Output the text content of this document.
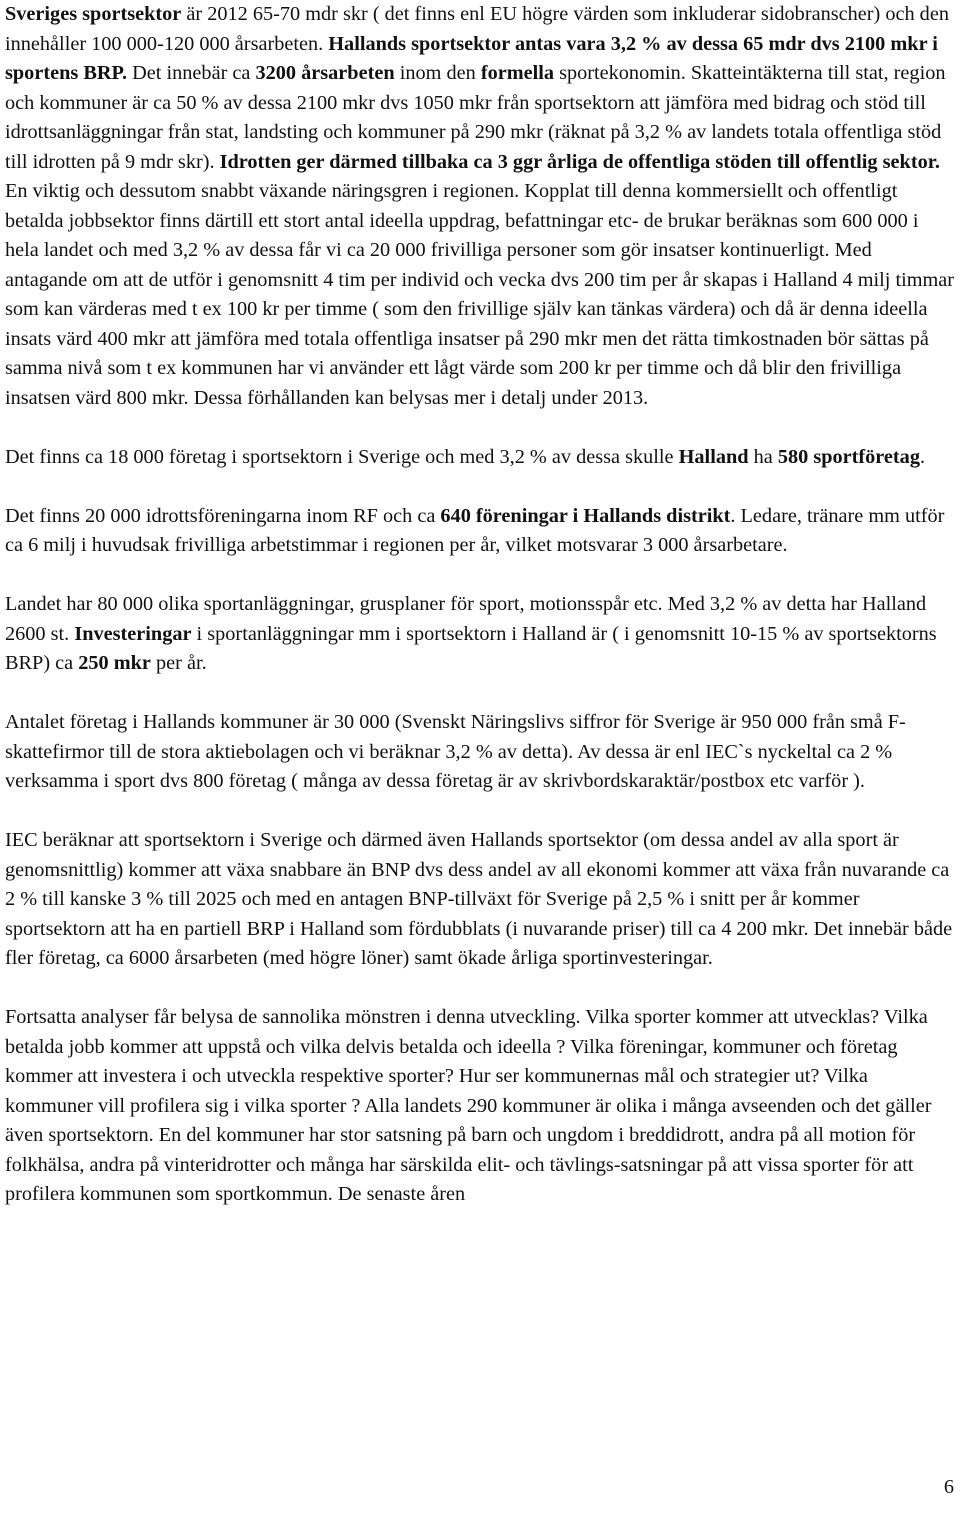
Sveriges sportsektor är 2012 65-70 mdr skr ( det finns enl EU högre värden som inkluderar sidobranscher) och den innehåller 100 000-120 000 årsarbeten. Hallands sportsektor antas vara 3,2 % av dessa 65 mdr dvs 2100 mkr i sportens BRP. Det innebär ca 3200 årsarbeten inom den formella sportekonomin. Skatteintäkterna till stat, region och kommuner är ca 50 % av dessa 2100 mkr dvs 1050 mkr från sportsektorn att jämföra med bidrag och stöd till idrottsanläggningar från stat, landsting och kommuner på 290 mkr (räknat på 3,2 % av landets totala offentliga stöd till idrotten på 9 mdr skr). Idrotten ger därmed tillbaka ca 3 ggr årliga de offentliga stöden till offentlig sektor. En viktig och dessutom snabbt växande näringsgren i regionen. Kopplat till denna kommersiellt och offentligt betalda jobbsektor finns därtill ett stort antal ideella uppdrag, befattningar etc- de brukar beräknas som 600 000 i hela landet och med 3,2 % av dessa får vi ca 20 000 frivilliga personer som gör insatser kontinuerligt. Med antagande om att de utför i genomsnitt 4 tim per individ och vecka dvs 200 tim per år skapas i Halland 4 milj timmar som kan värderas med t ex 100 kr per timme ( som den frivillige själv kan tänkas värdera) och då är denna ideella insats värd 400 mkr att jämföra med totala offentliga insatser på 290 mkr men det rätta timkostnaden bör sättas på samma nivå som t ex kommunen har vi använder ett lågt värde som 200 kr per timme och då blir den frivilliga insatsen värd 800 mkr. Dessa förhållanden kan belysas mer i detalj under 2013.

Det finns ca 18 000 företag i sportsektorn i Sverige och med 3,2 % av dessa skulle Halland ha 580 sportföretag.

Det finns 20 000 idrottsföreningarna inom RF och ca 640 föreningar i Hallands distrikt. Ledare, tränare mm utför ca 6 milj i huvudsak frivilliga arbetstimmar i regionen per år, vilket motsvarar 3 000 årsarbetare.

Landet har 80 000 olika sportanläggningar, grusplaner för sport, motionsspår etc. Med 3,2 % av detta har Halland 2600 st. Investeringar i sportanläggningar mm i sportsektorn i Halland är ( i genomsnitt 10-15 % av sportsektorns BRP) ca 250 mkr per år.

Antalet företag i Hallands kommuner är 30 000 (Svenskt Näringslivs siffror för Sverige är 950 000 från små F-skattefirmor till de stora aktiebolagen och vi beräknar 3,2 % av detta). Av dessa är enl IEC`s nyckeltal ca 2 % verksamma i sport dvs 800 företag ( många av dessa företag är av skrivbordskaraktär/postbox etc varför ).

IEC beräknar att sportsektorn i Sverige och därmed även Hallands sportsektor (om dessa andel av alla sport är genomsnittlig) kommer att växa snabbare än BNP dvs dess andel av all ekonomi kommer att växa från nuvarande ca 2 % till kanske 3 % till 2025 och med en antagen BNP-tillväxt för Sverige på 2,5 % i snitt per år kommer sportsektorn att ha en partiell BRP i Halland som fördubblats (i nuvarande priser) till ca 4 200 mkr. Det innebär både fler företag, ca 6000 årsarbeten (med högre löner) samt ökade årliga sportinvesteringar.

Fortsatta analyser får belysa de sannolika mönstren i denna utveckling. Vilka sporter kommer att utvecklas? Vilka betalda jobb kommer att uppstå och vilka delvis betalda och ideella ? Vilka föreningar, kommuner och företag kommer att investera i och utveckla respektive sporter? Hur ser kommunernas mål och strategier ut? Vilka kommuner vill profilera sig i vilka sporter ? Alla landets 290 kommuner är olika i många avseenden och det gäller även sportsektorn. En del kommuner har stor satsning på barn och ungdom i breddidrott, andra på all motion för folkhälsa, andra på vinteridrotter och många har särskilda elit- och tävlings-satsningar på att vissa sporter för att profilera kommunen som sportkommun. De senaste åren

6
